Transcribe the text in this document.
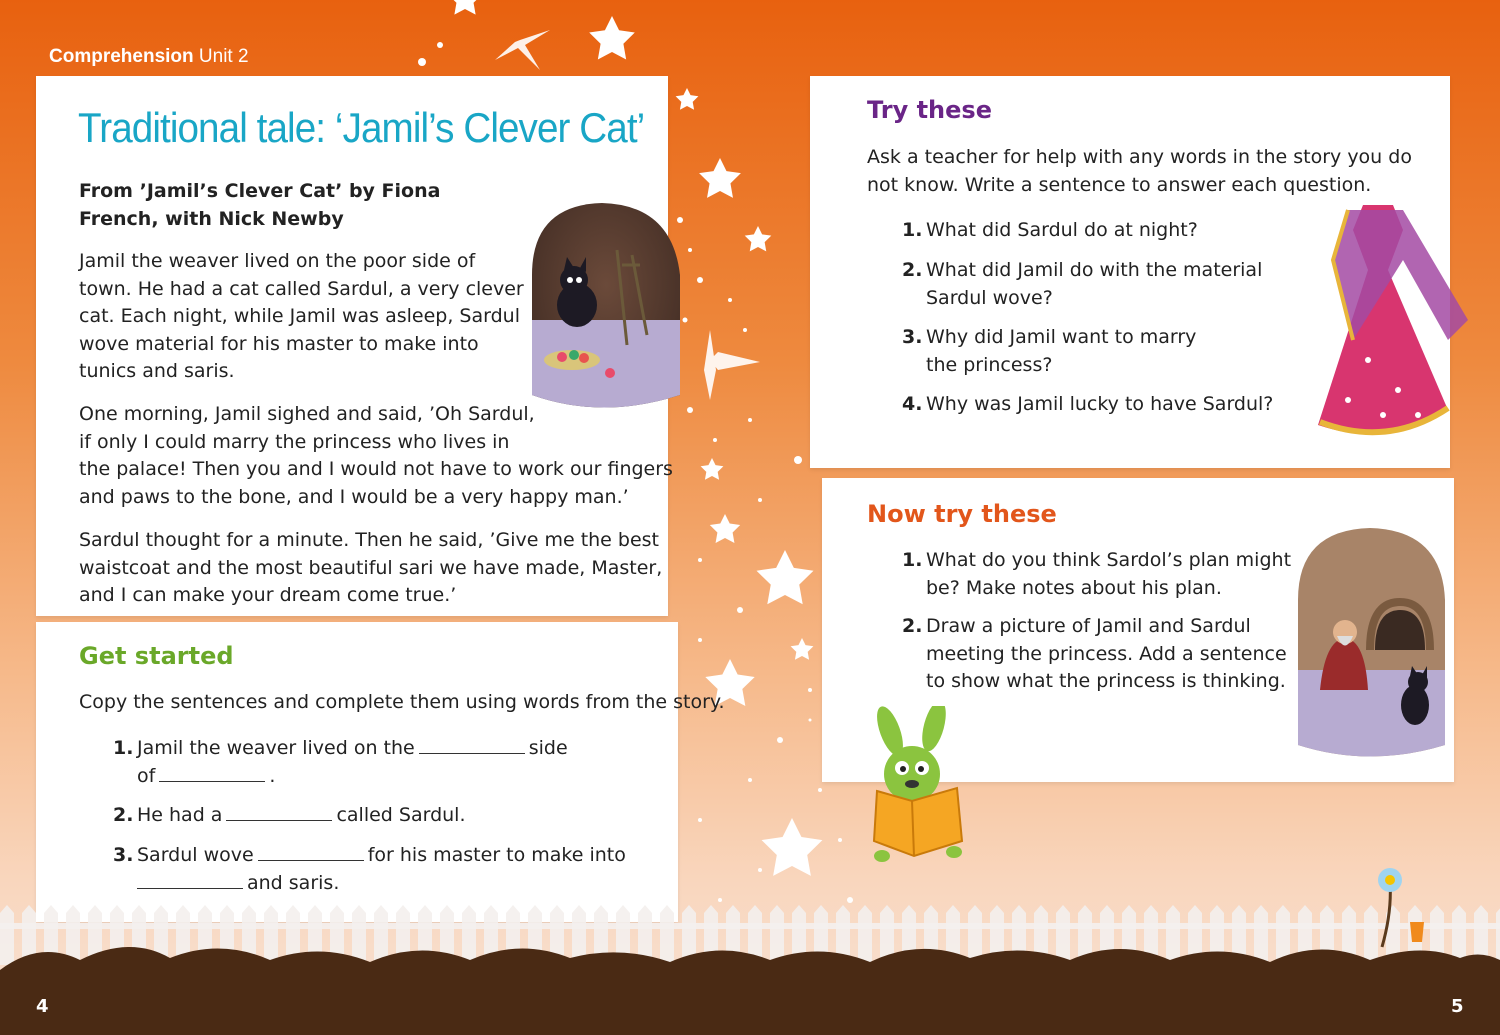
Comprehension Unit 2
Traditional tale: ‘Jamil’s Clever Cat’
From ’Jamil’s Clever Cat’ by Fiona French, with Nick Newby

Jamil the weaver lived on the poor side of
town. He had a cat called Sardul, a very clever
cat. Each night, while Jamil was asleep, Sardul
wove material for his master to make into
tunics and saris.

One morning, Jamil sighed and said, ’Oh Sardul,
if only I could marry the princess who lives in
the palace! Then you and I would not have to work our fingers
and paws to the bone, and I would be a very happy man.’

Sardul thought for a minute. Then he said, ’Give me the best
waistcoat and the most beautiful sari we have made, Master,
and I can make your dream come true.’

Get started
Copy the sentences and complete them using words from the story.
1. Jamil the weaver lived on the	side
of	.
2. He had a	called Sardul.
3. Sardul wove	for his master to make into
and saris.
Try these
Ask a teacher for help with any words in the story you do
not know. Write a sentence to answer each question.
1. What did Sardul do at night?
2. What did Jamil do with the material
Sardul wove?
3. Why did Jamil want to marry
the princess?
4. Why was Jamil lucky to have Sardul?
Now try these
1. What do you think Sardol’s plan might
be? Make notes about his plan.
2. Draw a picture of Jamil and Sardul
meeting the princess. Add a sentence
to show what the princess is thinking.
4	5
